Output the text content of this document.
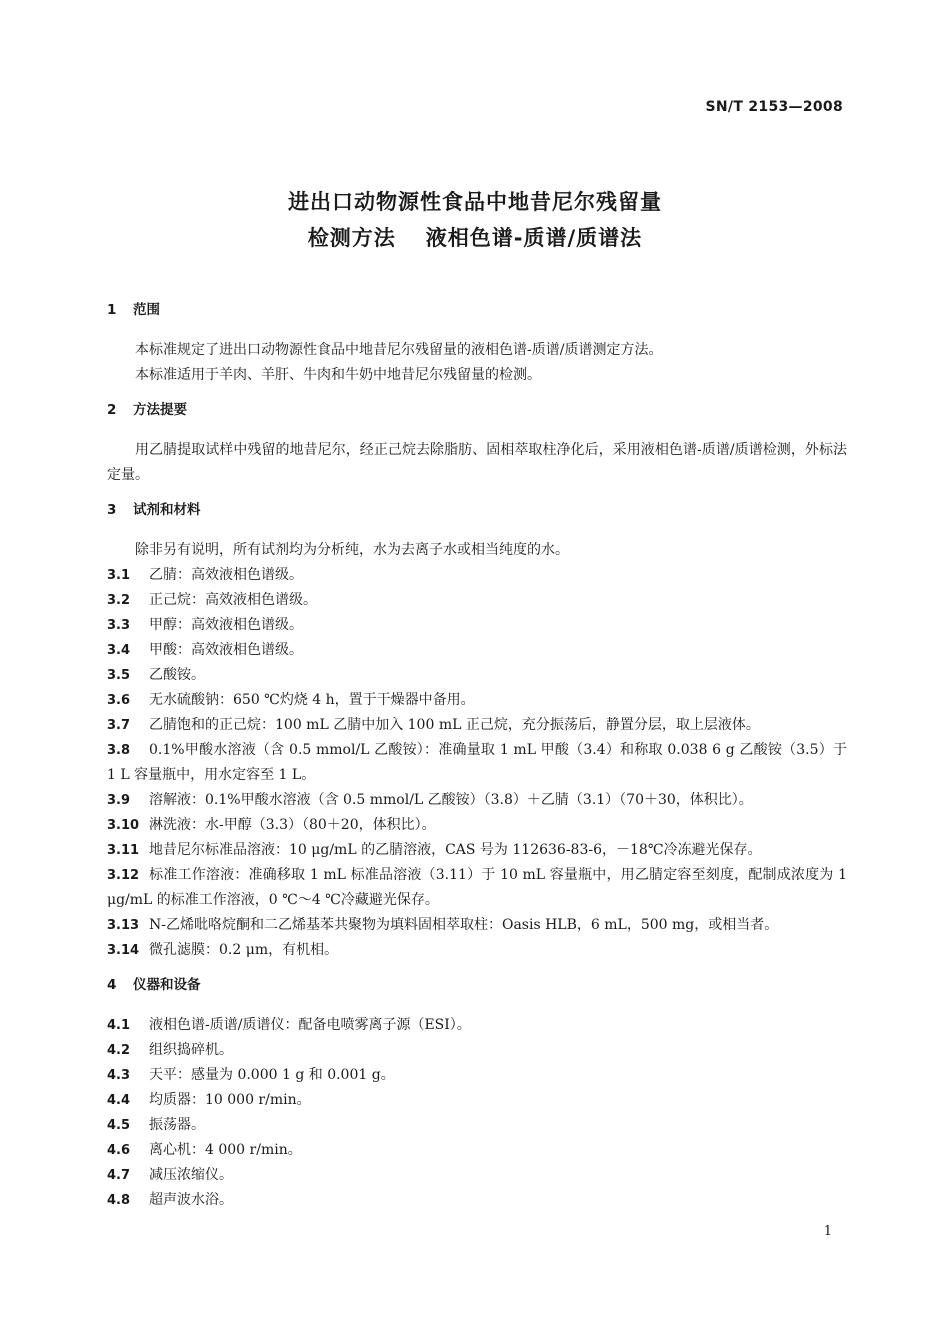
SN/T 2153—2008
进出口动物源性食品中地昔尼尔残留量
检测方法 液相色谱-质谱/质谱法
1 范围

本标准规定了进出口动物源性食品中地昔尼尔残留量的液相色谱-质谱/质谱测定方法。

本标准适用于羊肉、羊肝、牛肉和牛奶中地昔尼尔残留量的检测。

2 方法提要

用乙腈提取试样中残留的地昔尼尔，经正己烷去除脂肪、固相萃取柱净化后，采用液相色谱-质谱/质谱检测，外标法定量。

3 试剂和材料

除非另有说明，所有试剂均为分析纯，水为去离子水或相当纯度的水。

3.1 乙腈：高效液相色谱级。

3.2 正己烷：高效液相色谱级。

3.3 甲醇：高效液相色谱级。

3.4 甲酸：高效液相色谱级。

3.5 乙酸铵。

3.6 无水硫酸钠：650 ℃灼烧 4 h，置于干燥器中备用。

3.7 乙腈饱和的正己烷：100 mL 乙腈中加入 100 mL 正己烷，充分振荡后，静置分层，取上层液体。

3.8 0.1%甲酸水溶液（含 0.5 mmol/L 乙酸铵）：准确量取 1 mL 甲酸（3.4）和称取 0.038 6 g 乙酸铵（3.5）于 1 L 容量瓶中，用水定容至 1 L。

3.9 溶解液：0.1%甲酸水溶液（含 0.5 mmol/L 乙酸铵）（3.8）＋乙腈（3.1）（70＋30，体积比）。

3.10 淋洗液：水-甲醇（3.3）（80＋20，体积比）。

3.11 地昔尼尔标准品溶液：10 μg/mL 的乙腈溶液，CAS 号为 112636-83-6，－18℃冷冻避光保存。

3.12 标准工作溶液：准确移取 1 mL 标准品溶液（3.11）于 10 mL 容量瓶中，用乙腈定容至刻度，配制成浓度为 1 μg/mL 的标准工作溶液，0 ℃～4 ℃冷藏避光保存。

3.13 N-乙烯吡咯烷酮和二乙烯基苯共聚物为填料固相萃取柱：Oasis HLB，6 mL，500 mg，或相当者。

3.14 微孔滤膜：0.2 μm，有机相。

4 仪器和设备

4.1 液相色谱-质谱/质谱仪：配备电喷雾离子源（ESI）。

4.2 组织捣碎机。

4.3 天平：感量为 0.000 1 g 和 0.001 g。

4.4 均质器：10 000 r/min。

4.5 振荡器。

4.6 离心机：4 000 r/min。

4.7 减压浓缩仪。

4.8 超声波水浴。

1
